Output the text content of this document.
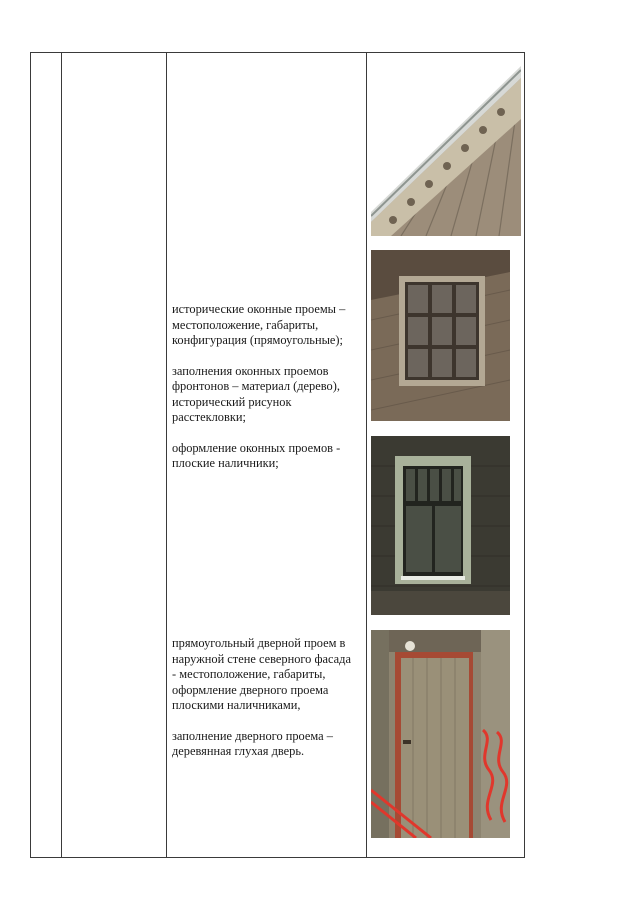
исторические оконные проемы – местоположение, габариты, конфигурация (прямоугольные);

заполнения оконных проемов фронтонов – материал (дерево), исторический рисунок расстекловки;

оформление оконных проемов - плоские наличники;

прямоугольный дверной проем в наружной стене северного фасада - местоположение, габариты, оформление дверного проема плоскими наличниками,

заполнение дверного проема – деревянная глухая дверь.
